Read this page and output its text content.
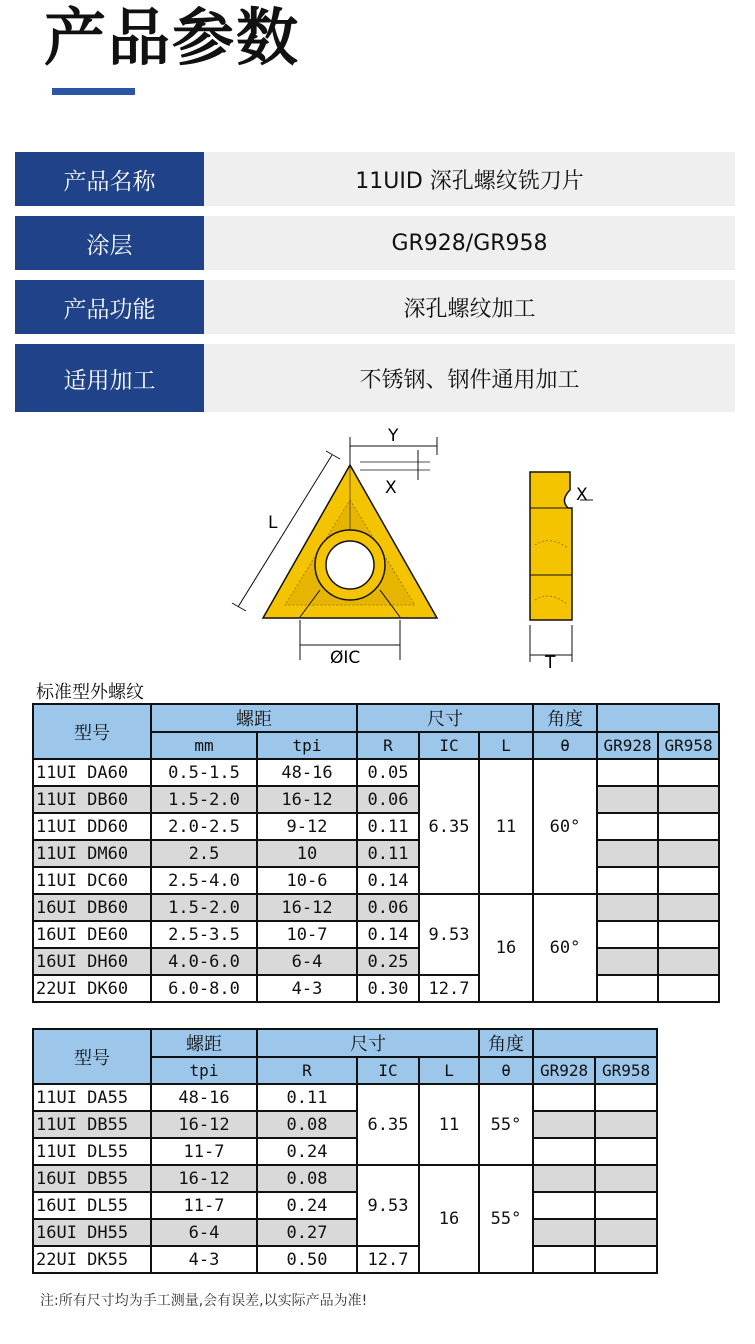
产品参数
产品名称	11UID 深孔螺纹铣刀片
涂层	GR928/GR958
产品功能	深孔螺纹加工
适用加工	不锈钢、钢件通用加工
Y
X
L
ØIC
X
T
标准型外螺纹
型号	螺距		尺寸			角度		
	mm	tpi	R	IC	L	θ	GR928	GR958
11UI DA60	0.5-1.5	48-16	0.05	6.35	11	60°		
11UI DB60	1.5-2.0	16-12	0.06					
11UI DD60	2.0-2.5	9-12	0.11					
11UI DM60	2.5	10	0.11					
11UI DC60	2.5-4.0	10-6	0.14					
16UI DB60	1.5-2.0	16-12	0.06	9.53	16	60°		
16UI DE60	2.5-3.5	10-7	0.14					
16UI DH60	4.0-6.0	6-4	0.25					
22UI DK60	6.0-8.0	4-3	0.30	12.7				
型号	螺距	尺寸			角度		
	tpi	R	IC	L	θ	GR928	GR958
11UI DA55	48-16	0.11	6.35	11	55°		
11UI DB55	16-12	0.08					
11UI DL55	11-7	0.24					
16UI DB55	16-12	0.08	9.53	16	55°		
16UI DL55	11-7	0.24					
16UI DH55	6-4	0.27					
22UI DK55	4-3	0.50	12.7				
注:所有尺寸均为手工测量,会有误差,以实际产品为准!
